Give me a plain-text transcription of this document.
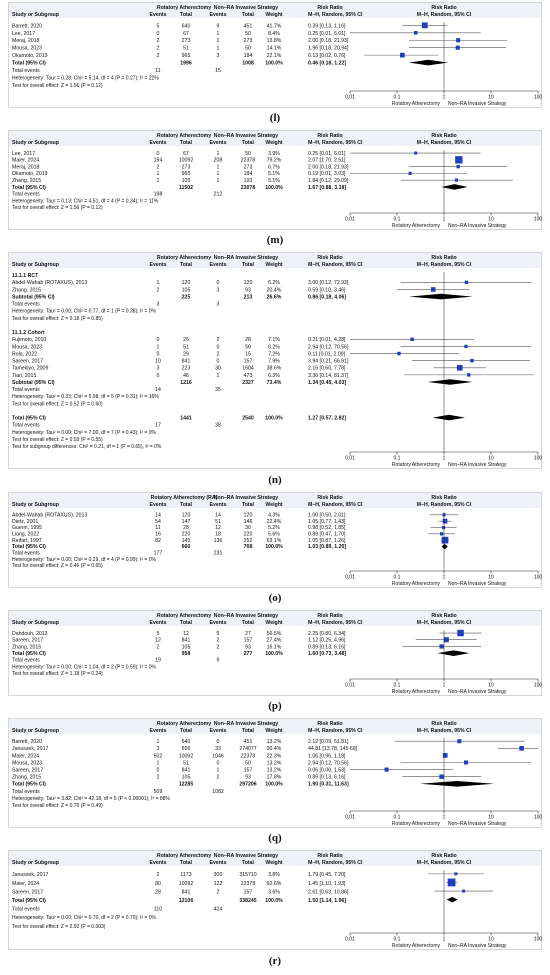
Rotatory Atherectomy Non–RA Invasive Strategy	Risk Ratio	Risk Ratio
Study or Subgroup	Events	Total	Events	Total Weight	M–H, Random, 95% CI	M–H, Random, 95% CI
Barrett, 2020	5	640	9	451	41.7%	0.39 [0.13, 1.16]
Lee, 2017	0	67	1	50	8.4%	0.25 [0.01, 6.01]
Meraj, 2018	2	273	1	273	13.8%	2.00 [0.18, 21.93]
Mousa, 2023	2	51	1	50	14.1%	1.96 [0.18, 20.94]
Okamoto, 2019	2	965	3	184	22.1%	0.13 [0.02, 0.76]
Total (95% CI)	1996	1008 100.0%	0.46 [0.18, 1.22]
Total events	11	15
Heterogeneity: Tau² = 0.28; Chi² = 5.14, df = 4 (P = 0.27); I² = 22%
Test for overall effect: Z = 1.56 (P = 0.12)
0.01	0.1	1	10	100
Rotatory Atherectomy Non–RA Invasive Strategy
(l)
Rotatory Atherectomy Non–RA Invasive Strategy	Risk Ratio	Risk Ratio
Study or Subgroup	Events	Total	Events	Total Weight	M–H, Random, 95% CI	M–H, Random, 95% CI
Lee, 2017	0	67	1	50	3.9%	0.25 [0.01, 6.01]
Maier, 2024	194	10092	208	22378 79.2%	2.07 [1.70, 2.51]
Meraj, 2018	2	273	1	273	6.7%	2.00 [0.18, 21.93]
Okamoto, 2019	1	965	1	184	5.1%	0.19 [0.01, 3.03]
Zhang, 2015	1	105	1	193	5.1%	1.84 [0.12, 29.09]
Total (95% CI)	11502	23078 100.0%	1.67 [0.88, 3.18]
Total events	198	212
Heterogeneity: Tau² = 0.13; Chi² = 4.51, df = 4 (P = 0.34); I² = 11%
Test for overall effect: Z = 1.56 (P = 0.12)
0.01	0.1	1	10	100
Rotatory Atherectomy Non–RA Invasive Strategy
(m)
Rotatory Atherectomy Non–RA Invasive Strategy	Risk Ratio	Risk Ratio
Study or Subgroup	Events	Total	Events	Total Weight	M–H, Random, 95% CI	M–H, Random, 95% CI
11.1.1 RCT
Abdel-Wahab (ROTAXUS), 2013	1	120	0	120	6.2%	3.00 [0.12, 72.93]
Zhang, 2015	2	105	3	93	20.4%	0.59 [0.10, 3.46]
Subtotal (95% CI)	225	213	26.6%	0.86 [0.18, 4.06]
Total events	3	3
Heterogeneity: Tau² = 0.00; Chi² = 0.77, df = 1 (P = 0.38); I² = 0%
Test for overall effect: Z = 0.18 (P = 0.85)
11.1.2 Cohort
Fujimoto, 2010	0	26	2	28	7.1%	0.21 [0.01, 4.28]
Mousa, 2023	1	51	0	50	6.2%	2.94 [0.12, 70.56]
Rola, 2022	0	29	2	15	7.2%	0.11 [0.01, 2.09]
Sareen, 2017	10	841	0	157	7.9%	3.94 [0.21, 66.91]
Tamekiyo, 2009	3	223	30	1604 38.6%	2.16 [0.60, 7.78]
Tian, 2015	0	46	1	473	6.3%	3.36 [0.14, 81.37]
Subtotal (95% CI)	1216	2327 73.4%	1.34 [0.45, 4.03]
Total events	14	35
Heterogeneity: Tau² = 0.33; Chi² = 5.98, df = 5 (P = 0.31); I² = 16%
Test for overall effect: Z = 0.52 (P = 0.60)
Total (95% CI)	1441	2540 100.0%	1.27 [0.57, 2.82]
Total events	17	38
Heterogeneity: Tau² = 0.00; Chi² = 7.00, df = 7 (P = 0.43); I² = 0%
Test for overall effect: Z = 0.59 (P = 0.55)
Test for subgroup differences: Chi² = 0.21, df = 1 (P = 0.65), I² = 0%
0.01	0.1	1	10	100
Rotatory Atherectomy Non–RA Invasive Strategy
(n)
Rotatory Atherectomy (RA)
Non–RA Invasive Strategy	Risk Ratio	Risk Ratio
Study or Subgroup	Events	Total	Events	Total Weight	M–H, Random, 95% CI	M–H, Random, 95% CI
Abdel-Wahab (ROTAXUS), 2013	14	120	14	120	4.3%	1.00 [0.50, 2.01]
Dietz, 2001	54	147	51	146	22.4%	1.05 [0.77, 1.43]
Guerin, 1995	11	28	12	30	5.2%	0.98 [0.52, 1.85]
Liang, 2022	16	220	18	220	5.6%	0.89 [0.47, 1.70]
Reifart, 1997	82	145	136	252	63.1%	1.05 [0.87, 1.26]
Total (95% CI)	660	768 100.0%	1.03 [0.89, 1.20]
Total events	177	231
Heterogeneity: Tau² = 0.00; Chi² = 0.29, df = 4 (P = 0.99); I² = 0%
Test for overall effect: Z = 0.46 (P = 0.65)
0.01	0.1	1	10	100
Rotatory Atherectomy Non–RA Invasive Strategy
(o)
Rotatory Atherectomy Non–RA Invasive Strategy	Risk Ratio	Risk Ratio
Study or Subgroup	Events	Total	Events	Total Weight	M–H, Random, 95% CI	M–H, Random, 95% CI
Dahdouh, 2013	5	12	5	27	56.5%	2.25 [0.80, 6.34]
Sareen, 2017	12	841	2	157	27.4%	1.12 [0.25, 4.96]
Zhang, 2015	2	105	2	93	16.1%	0.89 [0.13, 6.16]
Total (95% CI)	958	277 100.0%	1.60 [0.73, 3.48]
Total events	19	9
Heterogeneity: Tau² = 0.00; Chi² = 1.04, df = 2 (P = 0.59); I² = 0%
Test for overall effect: Z = 1.18 (P = 0.24)
0.01	0.1	1	10	100
Rotatory Atherectomy Non–RA Invasive Strategy
(p)
Rotatory Atherectomy Non–RA Invasive Strategy	Risk Ratio	Risk Ratio
Study or Subgroup	Events	Total	Events	Total Weight	M–H, Random, 95% CI	M–H, Random, 95% CI
Barrett, 2020	1	640	0	451	13.2%	2.12 [0.09, 51.81]
Januszek, 2017	3	556	33	274077 20.4%	44.81 [13.78, 145.69]
Maier, 2024	502	10092	1046	22378 22.3%	1.06 [0.96, 1.18]
Mousa, 2023	1	51	0	50	13.2%	2.94 [0.12, 70.56]
Sareen, 2017	0	841	1	157	13.2%	0.06 [0.00, 1.53]
Zhang, 2015	2	105	2	93	17.8%	0.89 [0.13, 6.16]
Total (95% CI)	12285	297206 100.0%	1.90 [0.31, 11.63]
Total events	509	1082
Heterogeneity: Tau² = 3.82; Chi² = 42.18, df = 5 (P < 0.00001); I² = 88%
Test for overall effect: Z = 0.70 (P = 0.49)
0.01	0.1	1	10	100
Rotatory Atherectomy Non–RA Invasive Strategy
(q)
Rotatory Atherectomy Non–RA Invasive Strategy	Risk Ratio	Risk Ratio
Study or Subgroup	Events	Total	Events	Total Weight	M–H, Random, 95% CI	M–H, Random, 95% CI
Januszek, 2017	2	1173	300	315710 3.8%	1.79 [0.45, 7.20]
Maier, 2024	80	10092	122	22378 92.6%	1.45 [1.10, 1.93]
Sareen, 2017	28	841	2	157	3.6%	2.61 [0.63, 10.86]
Total (95% CI)	12106	338245 100.0%	1.50 [1.14, 1.96]
Total events	110	424
Heterogeneity: Tau² = 0.00; Chi² = 0.70, df = 2 (P = 0.70); I² = 0%
Test for overall effect: Z = 2.92 (P = 0.003)
0.01	0.1	1	10	100
Rotatory Atherectomy Non–RA Invasive Strategy
(r)
